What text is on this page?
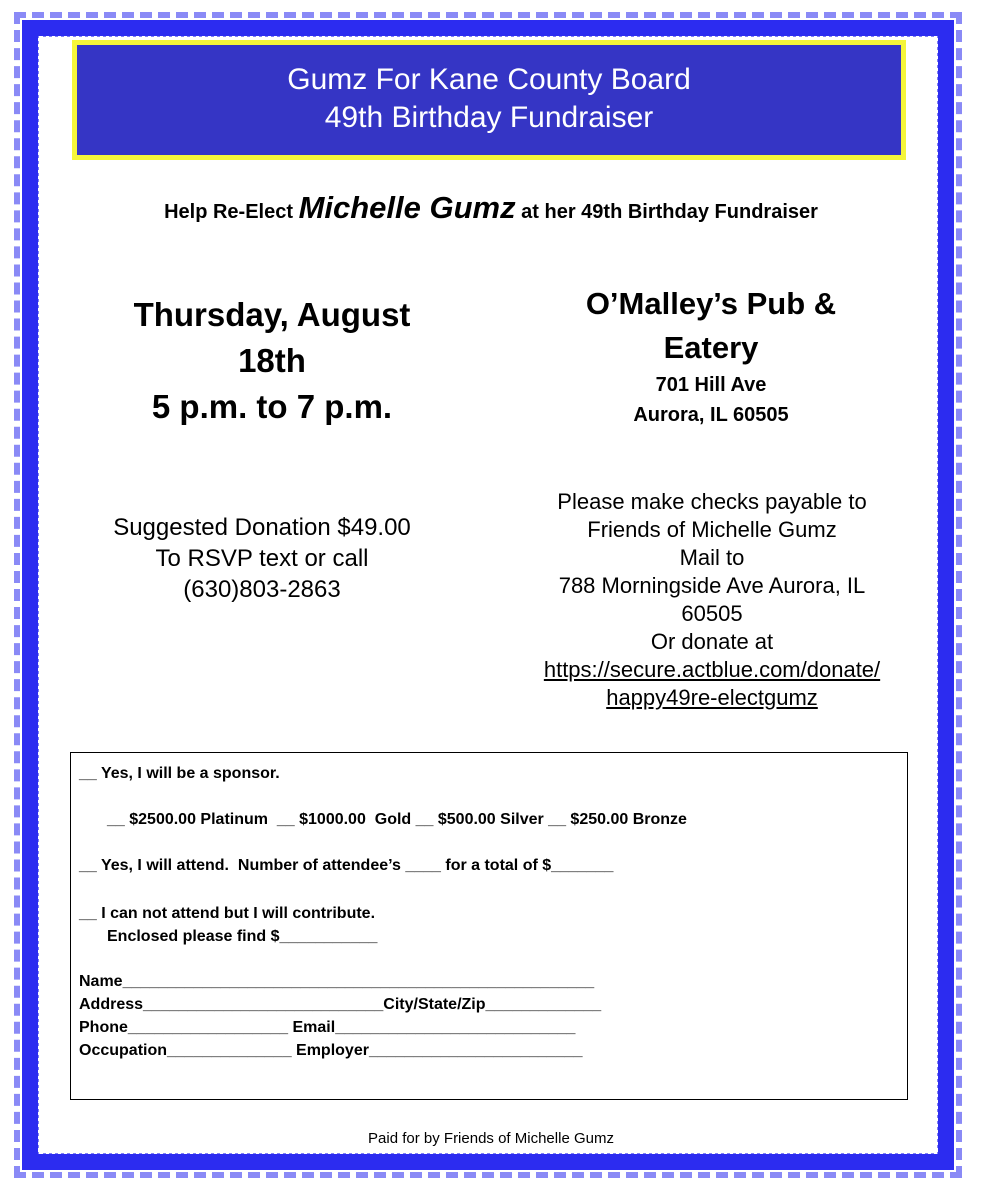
Gumz For Kane County Board
49th Birthday Fundraiser
Help Re-Elect Michelle Gumz at her 49th Birthday Fundraiser
Thursday, August
18th
5 p.m. to 7 p.m.
O’Malley’s Pub &
Eatery
701 Hill Ave
Aurora, IL 60505
Suggested Donation $49.00
To RSVP text or call
(630)803-2863
Please make checks payable to
Friends of Michelle Gumz
Mail to
788 Morningside Ave Aurora, IL
60505
Or donate at
https://secure.actblue.com/donate/
happy49re-electgumz
__ Yes, I will be a sponsor.
__ $2500.00 Platinum  __ $1000.00  Gold __ $500.00 Silver __ $250.00 Bronze
__ Yes, I will attend.  Number of attendee’s ____ for a total of $_______
__ I can not attend but I will contribute.
Enclosed please find $___________
Name_____________________________________________________
Address___________________________City/State/Zip_____________
Phone__________________ Email___________________________
Occupation______________ Employer________________________
Paid for by Friends of Michelle Gumz
